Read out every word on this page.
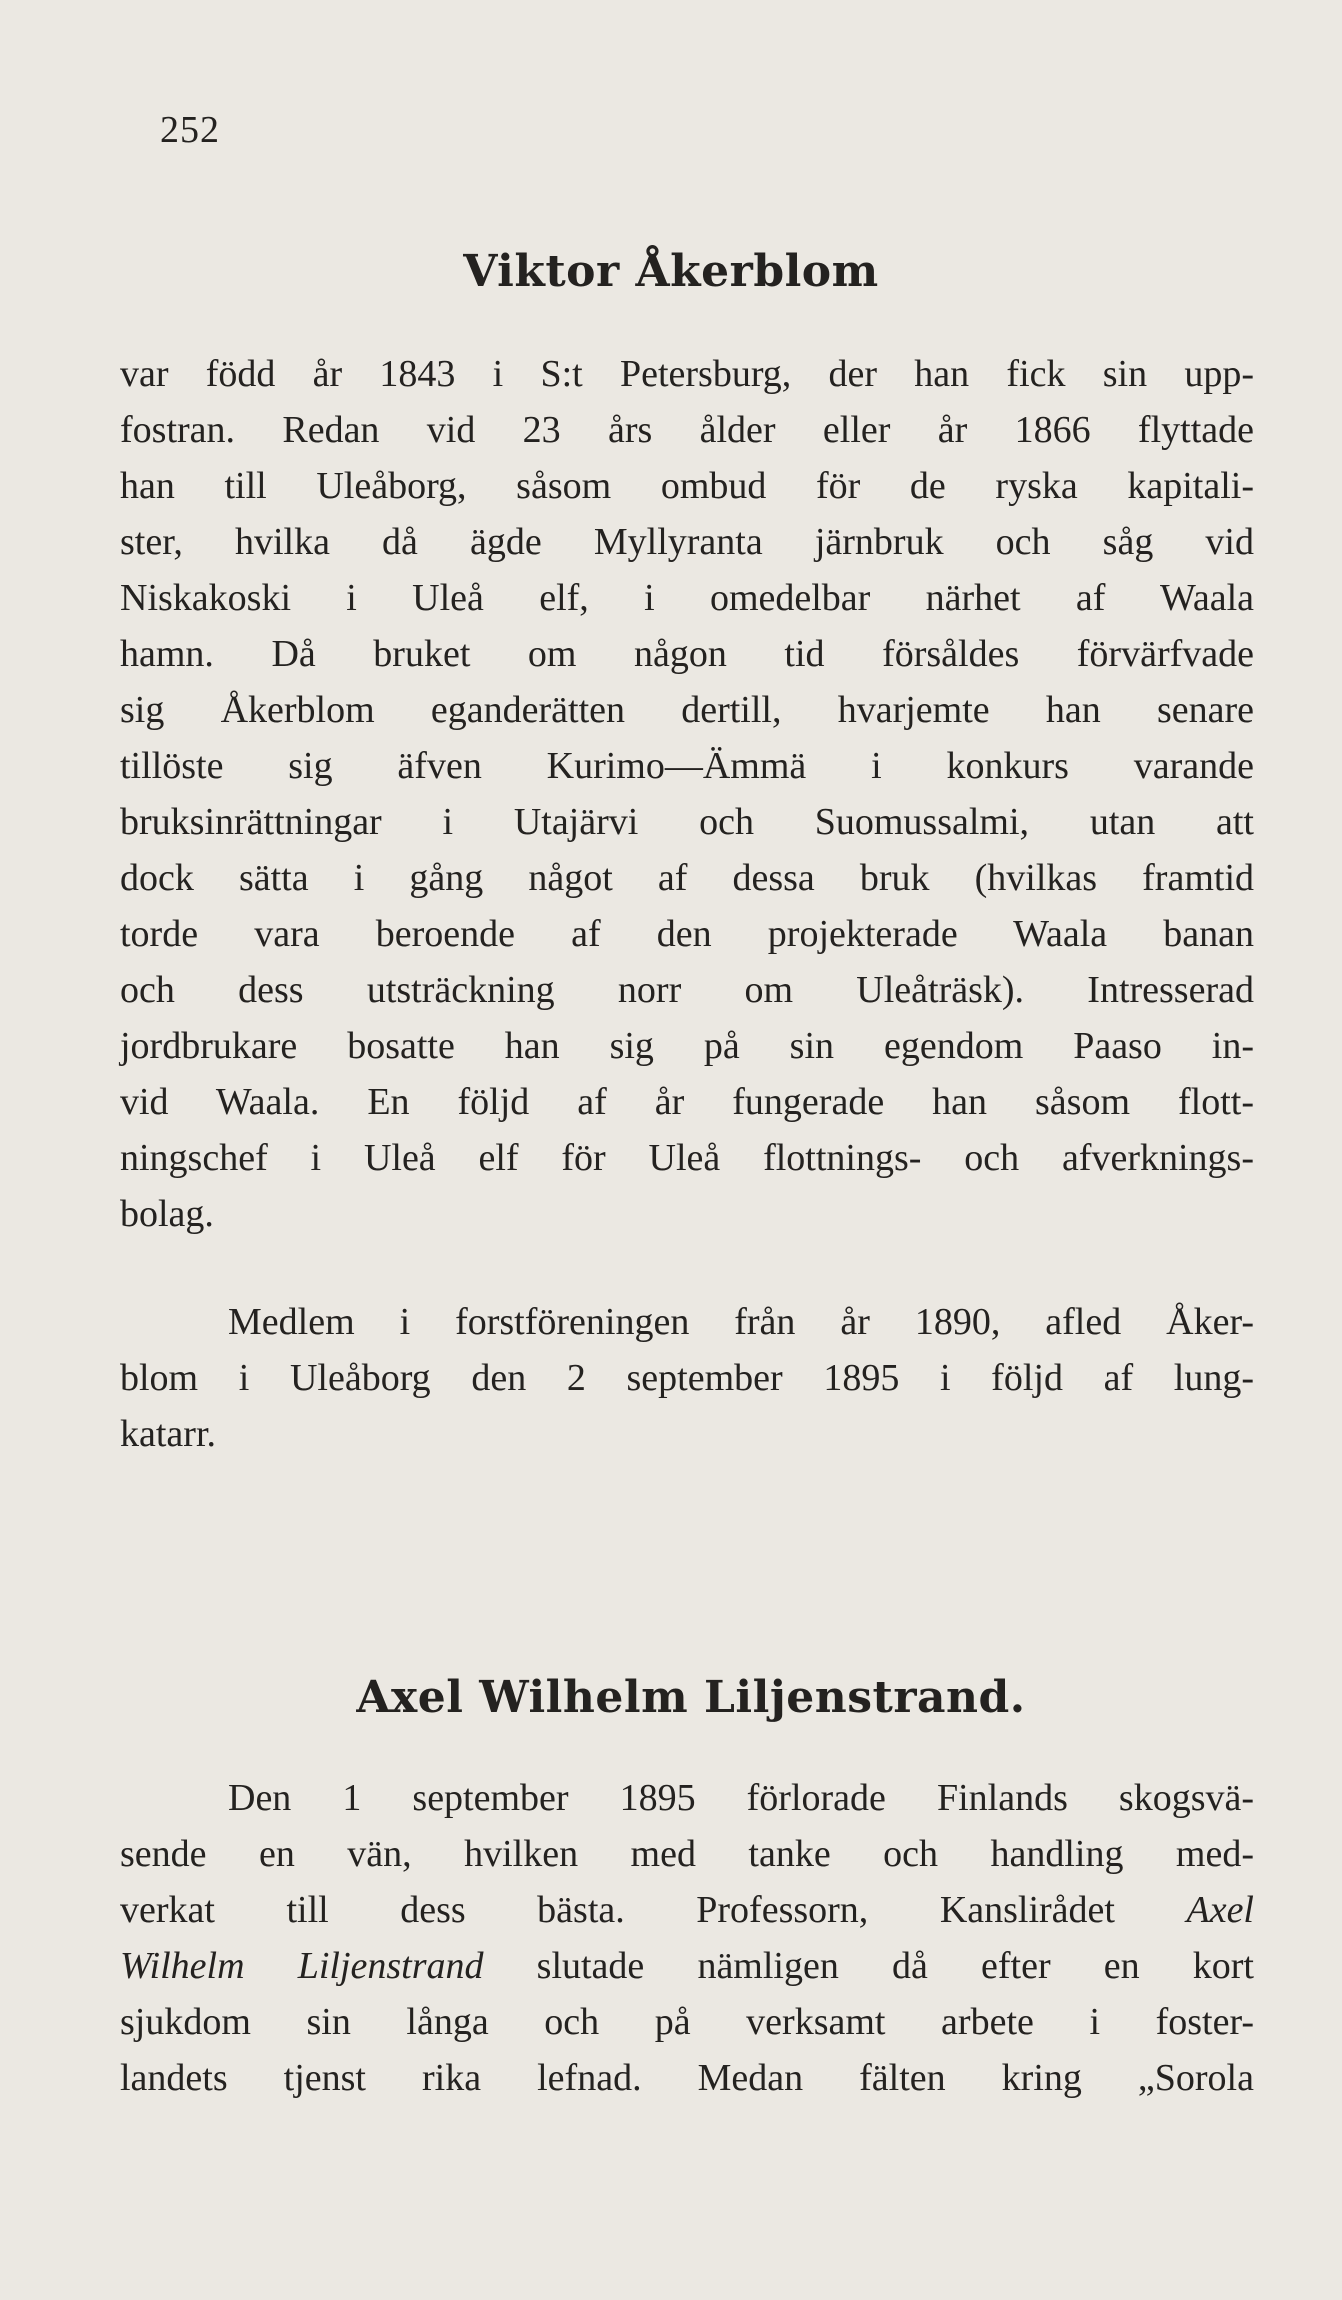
252
Viktor Åkerblom
var född år 1843 i S:t Petersburg, der han fick sin upp-
fostran. Redan vid 23 års ålder eller år 1866 flyttade
han till Uleåborg, såsom ombud för de ryska kapitali-
ster, hvilka då ägde Myllyranta järnbruk och såg vid
Niskakoski i Uleå elf, i omedelbar närhet af Waala
hamn. Då bruket om någon tid försåldes förvärfvade
sig Åkerblom eganderätten dertill, hvarjemte han senare
tillöste sig äfven Kurimo—Ämmä i konkurs varande
bruksinrättningar i Utajärvi och Suomussalmi, utan att
dock sätta i gång något af dessa bruk (hvilkas framtid
torde vara beroende af den projekterade Waala banan
och dess utsträckning norr om Uleåträsk). Intresserad
jordbrukare bosatte han sig på sin egendom Paaso in-
vid Waala. En följd af år fungerade han såsom flott-
ningschef i Uleå elf för Uleå flottnings- och afverknings-
bolag.
Medlem i forstföreningen från år 1890, afled Åker-
blom i Uleåborg den 2 september 1895 i följd af lung-
katarr.
Axel Wilhelm Liljenstrand.
Den 1 september 1895 förlorade Finlands skogsvä-
sende en vän, hvilken med tanke och handling med-
verkat till dess bästa. Professorn, Kanslirådet Axel
Wilhelm Liljenstrand slutade nämligen då efter en kort
sjukdom sin långa och på verksamt arbete i foster-
landets tjenst rika lefnad. Medan fälten kring „Sorola
